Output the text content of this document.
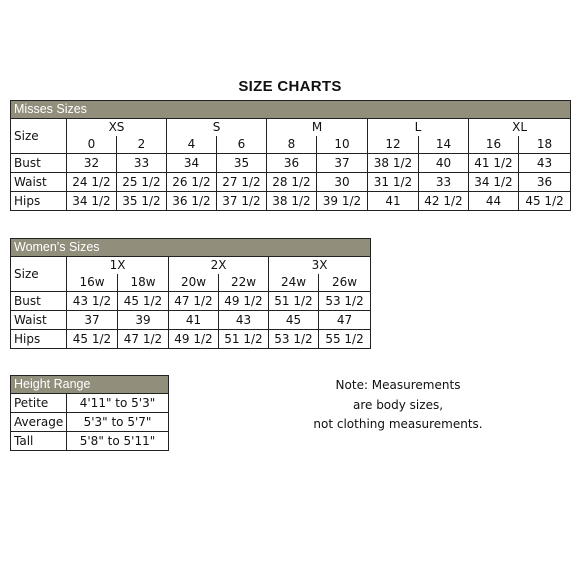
SIZE CHARTS
Misses Sizes										
Size	XS		S		M		L		XL	
	0	2	4	6	8	10	12	14	16	18
Bust	32	33	34	35	36	37	38 1/2	40	41 1/2	43
Waist	24 1/2	25 1/2	26 1/2	27 1/2	28 1/2	30	31 1/2	33	34 1/2	36
Hips	34 1/2	35 1/2	36 1/2	37 1/2	38 1/2	39 1/2	41	42 1/2	44	45 1/2
Women's Sizes						
Size	1X		2X		3X	
	16w	18w	20w	22w	24w	26w
Bust	43 1/2	45 1/2	47 1/2	49 1/2	51 1/2	53 1/2
Waist	37	39	41	43	45	47
Hips	45 1/2	47 1/2	49 1/2	51 1/2	53 1/2	55 1/2
Height Range	
Petite	4'11" to 5'3"
Average	5'3" to 5'7"
Tall	5'8" to 5'11"
Note: Measurements
are body sizes,
not clothing measurements.
